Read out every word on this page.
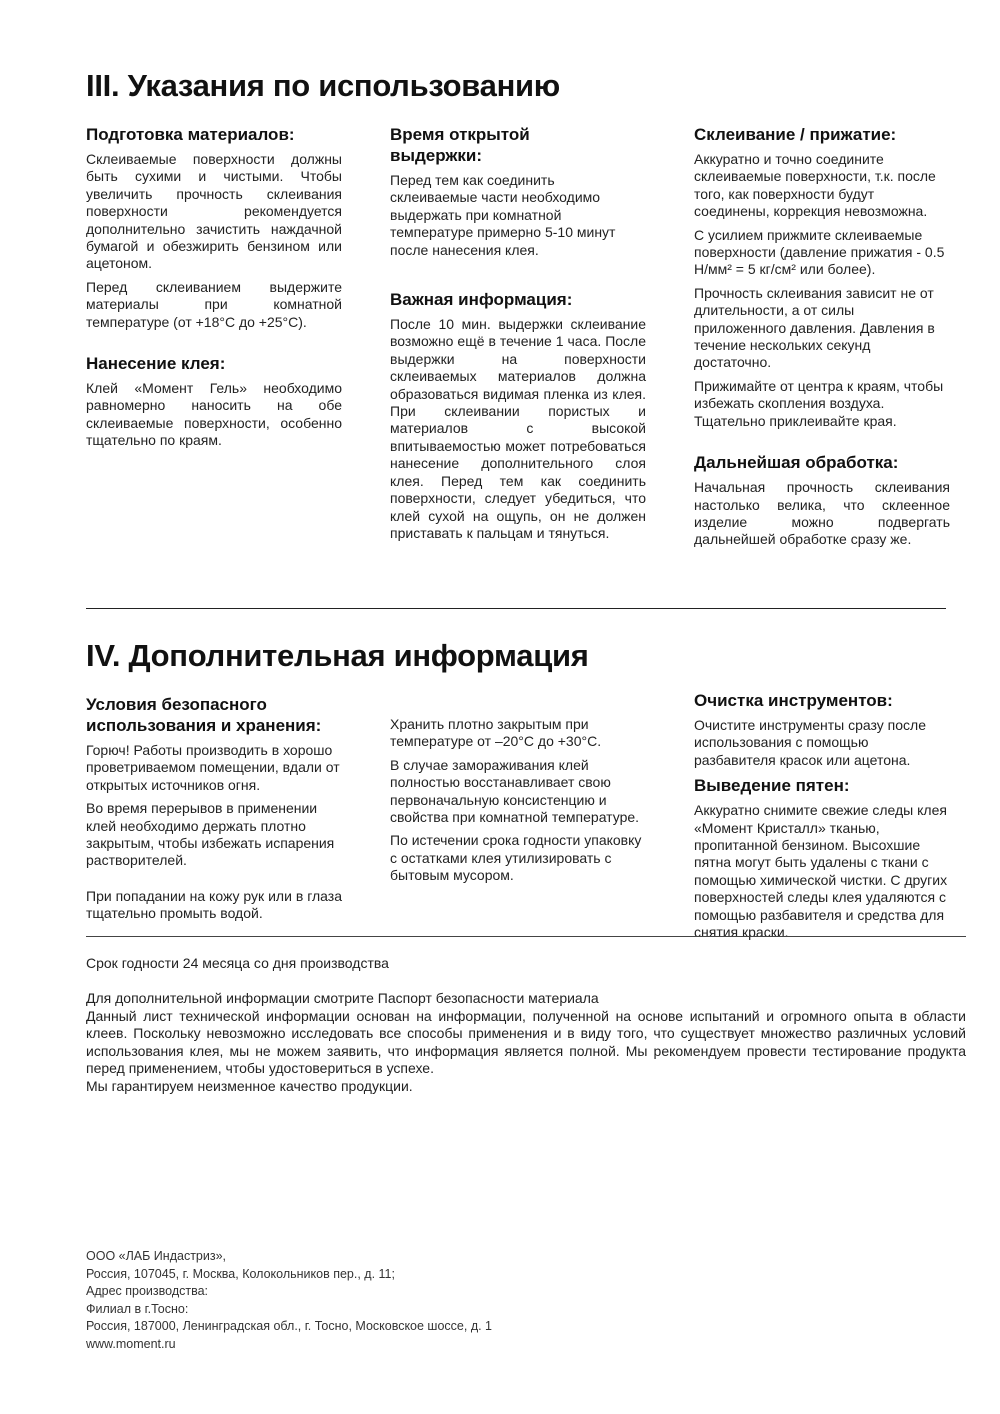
III. Указания по использованию
Подготовка материалов:

Склеиваемые поверхности должны быть сухими и чистыми. Чтобы увеличить прочность склеивания поверхности рекомендуется дополнительно зачистить наждачной бумагой и обезжирить бензином или ацетоном.

Перед склеиванием выдержите материалы при комнатной температуре (от +18°С до +25°С).

Нанесение клея:

Клей «Момент Гель» необходимо равномерно наносить на обе склеиваемые поверхности, особенно тщательно по краям.

Время открытой выдержки:

Перед тем как соединить склеиваемые части необходимо выдержать при комнатной температуре примерно 5-10 минут после нанесения клея.

Важная информация:

После 10 мин. выдержки склеивание возможно ещё в течение 1 часа. После выдержки на поверхности склеиваемых материалов должна образоваться видимая пленка из клея. При склеивании пористых и материалов с высокой впитываемостью может потребоваться нанесение дополнительного слоя клея. Перед тем как соединить поверхности, следует убедиться, что клей сухой на ощупь, он не должен приставать к пальцам и тянуться.

Склеивание / прижатие:

Аккуратно и точно соедините склеиваемые поверхности, т.к. после того, как поверхности будут соединены, коррекция невозможна.

С усилием прижмите склеиваемые поверхности (давление прижатия - 0.5 Н/мм² = 5 кг/см² или более).

Прочность склеивания зависит не от длительности, а от силы приложенного давления. Давления в течение нескольких секунд достаточно.

Прижимайте от центра к краям, чтобы избежать скопления воздуха. Тщательно приклеивайте края.

Дальнейшая обработка:

Начальная прочность склеивания настолько велика, что склеенное изделие можно подвергать дальнейшей обработке сразу же.

IV. Дополнительная информация
Условия безопасного использования и хранения:

Горюч! Работы производить в хорошо проветриваемом помещении, вдали от открытых источников огня.

Во время перерывов в применении клей необходимо держать плотно закрытым, чтобы избежать испарения растворителей.

При попадании на кожу рук или в глаза тщательно промыть водой.

Хранить плотно закрытым при температуре от –20°С до +30°С.

В случае замораживания клей полностью восстанавливает свою первоначальную консистенцию и свойства при комнатной температуре.

По истечении срока годности упаковку с остатками клея утилизировать с бытовым мусором.

Очистка инструментов:

Очистите инструменты сразу после использования с помощью разбавителя красок или ацетона.

Выведение пятен:

Аккуратно снимите свежие следы клея «Момент Кристалл» тканью, пропитанной бензином. Высохшие пятна могут быть удалены с ткани с помощью химической чистки. С других поверхностей следы клея удаляются с помощью разбавителя и средства для снятия краски.

Срок годности 24 месяца со дня производства

Для дополнительной информации смотрите Паспорт безопасности материала

Данный лист технической информации основан на информации, полученной на основе испытаний и огромного опыта в области клеев. Поскольку невозможно исследовать все способы применения и в виду того, что существует множество различных условий использования клея, мы не можем заявить, что информация является полной. Мы рекомендуем провести тестирование продукта перед применением, чтобы удостовериться в успехе.

Мы гарантируем неизменное качество продукции.

ООО «ЛАБ Индастриз»,

Россия, 107045, г. Москва, Колокольников пер., д. 11;

Адрес производства:

Филиал в г.Тосно:

Россия, 187000, Ленинградская обл., г. Тосно, Московское шоссе, д. 1

www.moment.ru
